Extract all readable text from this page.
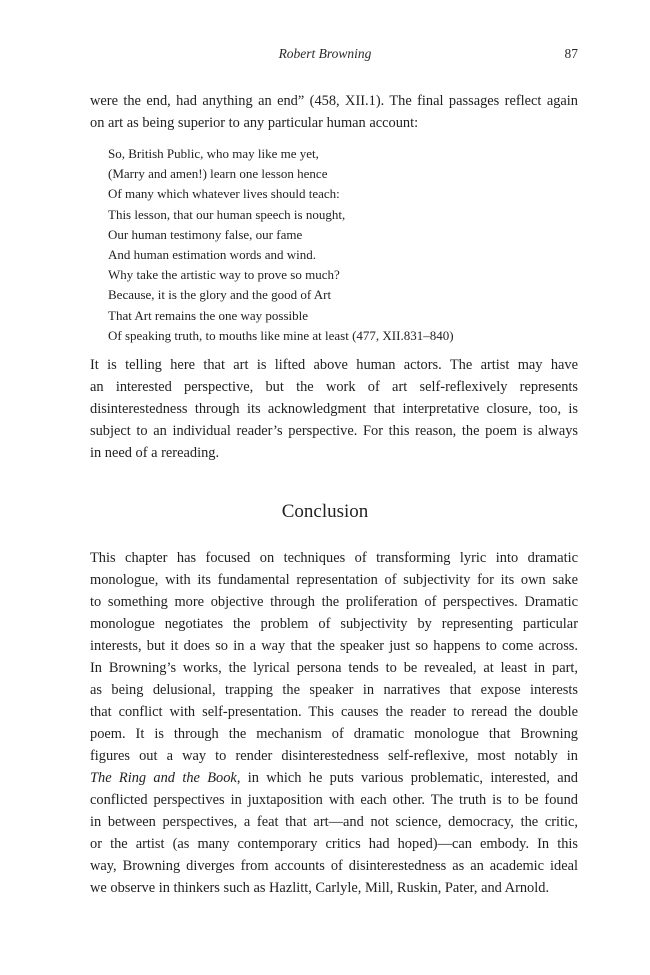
Robert Browning	87

were the end, had anything an end” (458, XII.1). The final passages reflect again
on art as being superior to any particular human account:

So, British Public, who may like me yet,
(Marry and amen!) learn one lesson hence
Of many which whatever lives should teach:
This lesson, that our human speech is nought,
Our human testimony false, our fame
And human estimation words and wind.
Why take the artistic way to prove so much?
Because, it is the glory and the good of Art
That Art remains the one way possible
Of speaking truth, to mouths like mine at least (477, XII.831–840)

It is telling here that art is lifted above human actors. The artist may have
an interested perspective, but the work of art self-reflexively represents
disinterestedness through its acknowledgment that interpretative closure, too, is
subject to an individual reader’s perspective. For this reason, the poem is always
in need of a rereading.

Conclusion

This chapter has focused on techniques of transforming lyric into dramatic
monologue, with its fundamental representation of subjectivity for its own sake
to something more objective through the proliferation of perspectives. Dramatic
monologue negotiates the problem of subjectivity by representing particular
interests, but it does so in a way that the speaker just so happens to come across.
In Browning’s works, the lyrical persona tends to be revealed, at least in part,
as being delusional, trapping the speaker in narratives that expose interests
that conflict with self-presentation. This causes the reader to reread the double
poem. It is through the mechanism of dramatic monologue that Browning
figures out a way to render disinterestedness self-reflexive, most notably in
The Ring and the Book, in which he puts various problematic, interested, and
conflicted perspectives in juxtaposition with each other. The truth is to be found
in between perspectives, a feat that art—and not science, democracy, the critic,
or the artist (as many contemporary critics had hoped)—can embody. In this
way, Browning diverges from accounts of disinterestedness as an academic ideal
we observe in thinkers such as Hazlitt, Carlyle, Mill, Ruskin, Pater, and Arnold.
